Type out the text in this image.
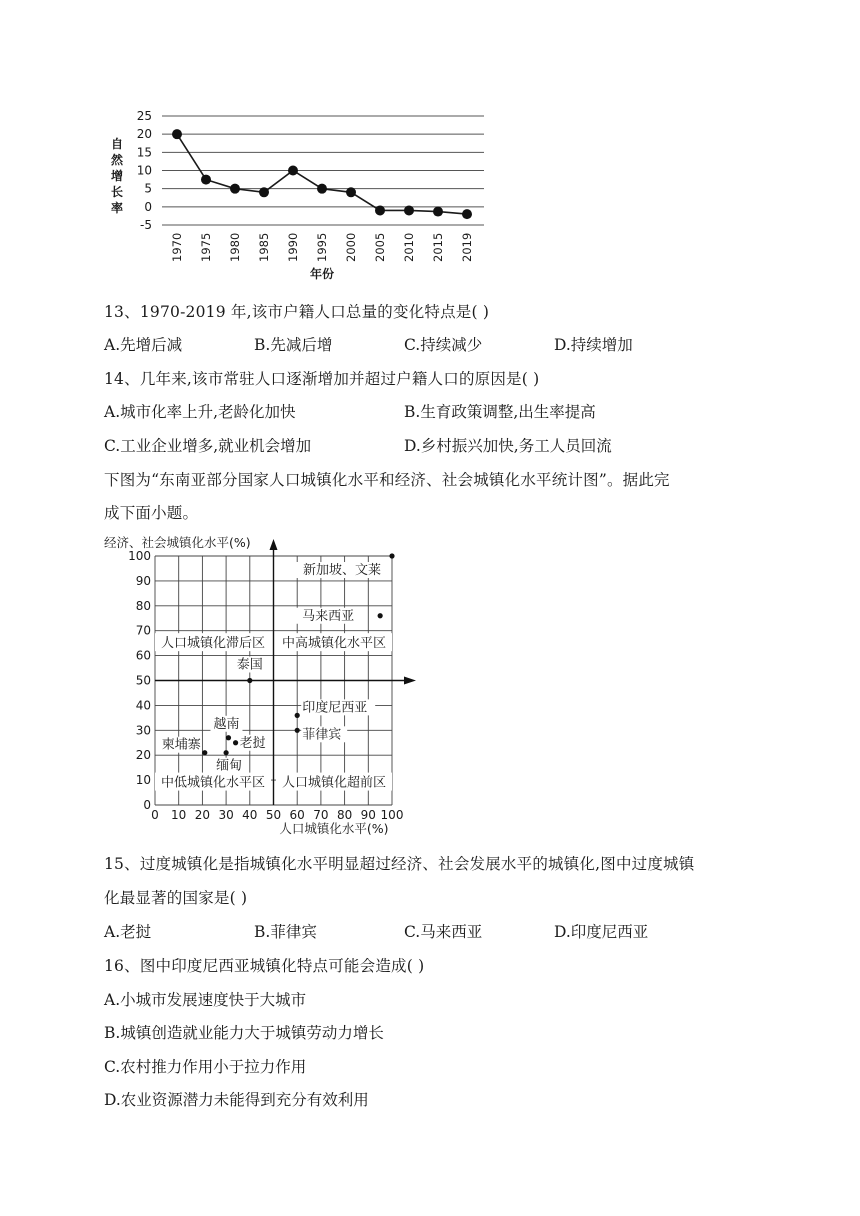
自
然
增
长
率
25
20
15
10
5
0
-5
1970 1975 1980 1985 1990 1995 2000 2005 2010 2015 2019
年份
13、1970-2019 年,该市户籍人口总量的变化特点是( )
A.先增后减	B.先减后增	C.持续减少	D.持续增加
14、几年来,该市常驻人口逐渐增加并超过户籍人口的原因是( )
A.城市化率上升,老龄化加快	B.生育政策调整,出生率提高
C.工业企业增多,就业机会增加	D.乡村振兴加快,务工人员回流
下图为“东南亚部分国家人口城镇化水平和经济、社会城镇化水平统计图”。据此完
成下面小题。
0
10
20
30
40
50
60
70
80
90
100
0 10 20 30 40 50 60 70 80 90 100
人口城镇化滞后区 中高城镇化水平区
中低城镇化水平区 人口城镇化超前区
新加坡、文莱
马来西亚
泰国
印度尼西亚
菲律宾
越南
老挝
柬埔寨
缅甸
经济、社会城镇化水平(%)
人口城镇化水平(%)
15、过度城镇化是指城镇化水平明显超过经济、社会发展水平的城镇化,图中过度城镇
化最显著的国家是( )
A.老挝	B.菲律宾	C.马来西亚	D.印度尼西亚
16、图中印度尼西亚城镇化特点可能会造成( )
A.小城市发展速度快于大城市
B.城镇创造就业能力大于城镇劳动力增长
C.农村推力作用小于拉力作用
D.农业资源潜力未能得到充分有效利用
